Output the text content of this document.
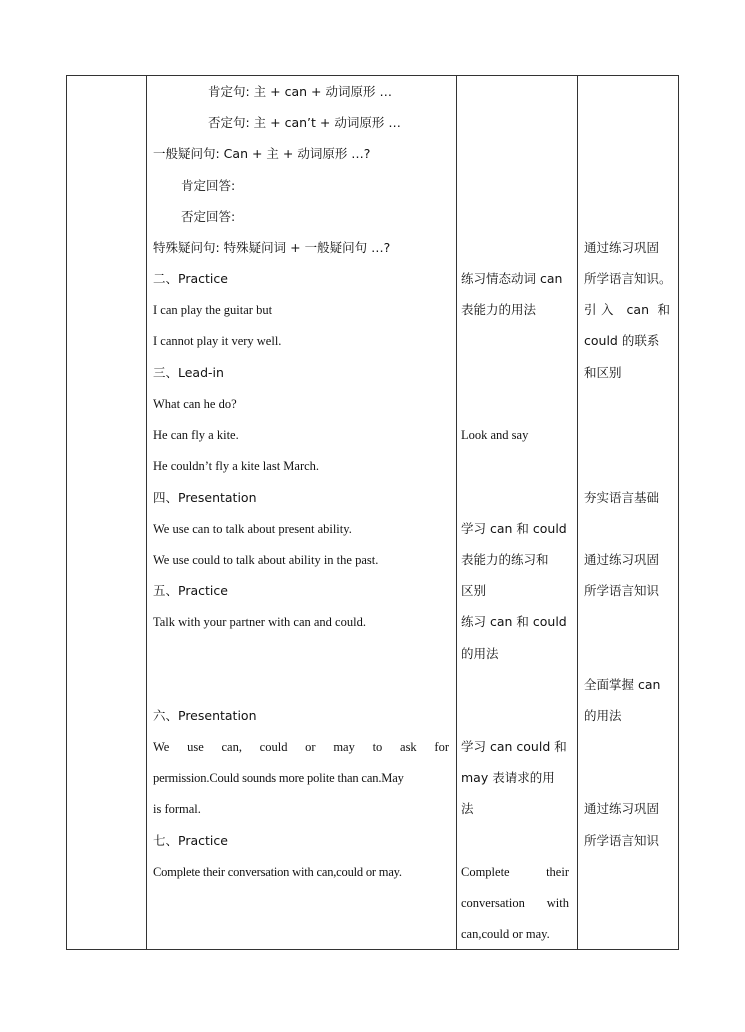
肯定句: 主 + can + 动词原形 …
否定句: 主 + can’t + 动词原形 …
一般疑问句: Can + 主 + 动词原形 …?
肯定回答:
否定回答:
特殊疑问句: 特殊疑问词 + 一般疑问句 …?
二、Practice
I can play the guitar but
I cannot play it very well.
三、Lead-in
What can he do?
He can fly a kite.
He couldn’t fly a kite last March.
四、Presentation
We use can to talk about present ability.
We use could to talk about ability in the past.
五、Practice
Talk with your partner with can and could.
六、Presentation
We use can, could or may to ask for
permission.Could sounds more polite than can.May
is formal.
七、Practice
Complete their conversation with can,could or may.
练习情态动词 can
表能力的用法
Look and say
学习 can 和 could
表能力的练习和
区别
练习 can 和 could
的用法
学习 can could 和
may 表请求的用
法
Complete their
conversation with
can,could or may.
通过练习巩固
所学语言知识。
引入 can 和
could 的联系
和区别
夯实语言基础
通过练习巩固
所学语言知识
全面掌握 can
的用法
通过练习巩固
所学语言知识
